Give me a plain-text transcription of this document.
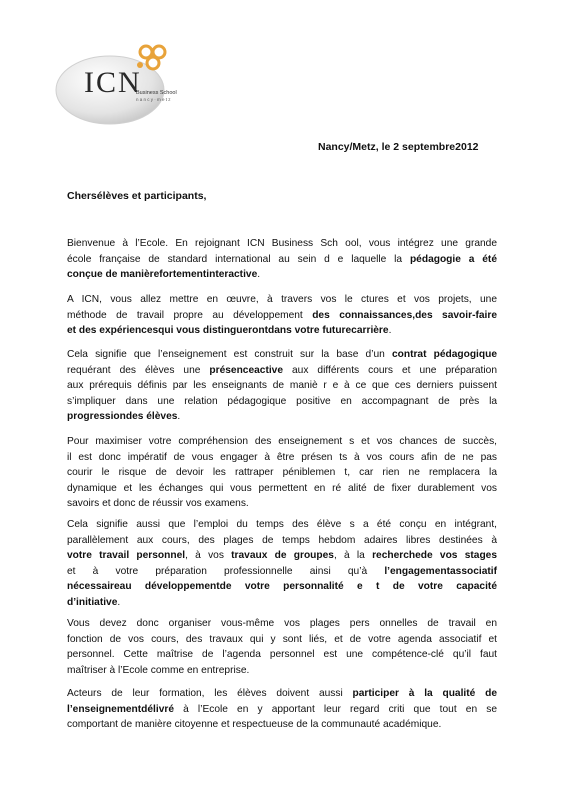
ICN
Business School
n a n c y · m e t z
Nancy/Metz, le 2 septembre2012
Chersélèves et participants,

Bienvenue à l’Ecole. En rejoignant ICN Business Sch ool, vous intégrez une grande

école française de standard international au sein d e laquelle la pédagogie a été

conçue de manièrefortementinteractive.

A ICN, vous allez mettre en œuvre, à travers vos le ctures et vos projets, une

méthode de travail propre au développement des connaissances,des savoir-faire

et des expériencesqui vous distinguerontdans votre futurecarrière.

Cela signifie que l’enseignement est construit sur la base d’un contrat pédagogique

requérant des élèves une présenceactive aux différents cours et une préparation

aux prérequis définis par les enseignants de maniè r e à ce que ces derniers puissent

s’impliquer dans une relation pédagogique positive en accompagnant de près la

progressiondes élèves.

Pour maximiser votre compréhension des enseignement s et vos chances de succès,

il est donc impératif de vous engager à être présen ts à vos cours afin de ne pas

courir le risque de devoir les rattraper péniblemen t, car rien ne remplacera la

dynamique et les échanges qui vous permettent en ré alité de fixer durablement vos

savoirs et donc de réussir vos examens.

Cela signifie aussi que l’emploi du temps des élève s a été conçu en intégrant,

parallèlement aux cours, des plages de temps hebdom adaires libres destinées à

votre travail personnel, à vos travaux de groupes, à la recherchede vos stages

et à votre préparation professionnelle ainsi qu’à l’engagementassociatif

nécessaireau développementde votre personnalité e t de votre capacité

d’initiative.

Vous devez donc organiser vous-même vos plages pers onnelles de travail en

fonction de vos cours, des travaux qui y sont liés, et de votre agenda associatif et

personnel. Cette maîtrise de l’agenda personnel est une compétence-clé qu’il faut

maîtriser à l’Ecole comme en entreprise.

Acteurs de leur formation, les élèves doivent aussi participer à la qualité de

l’enseignementdélivré à l’Ecole en y apportant leur regard criti que tout en se

comportant de manière citoyenne et respectueuse de la communauté académique.
